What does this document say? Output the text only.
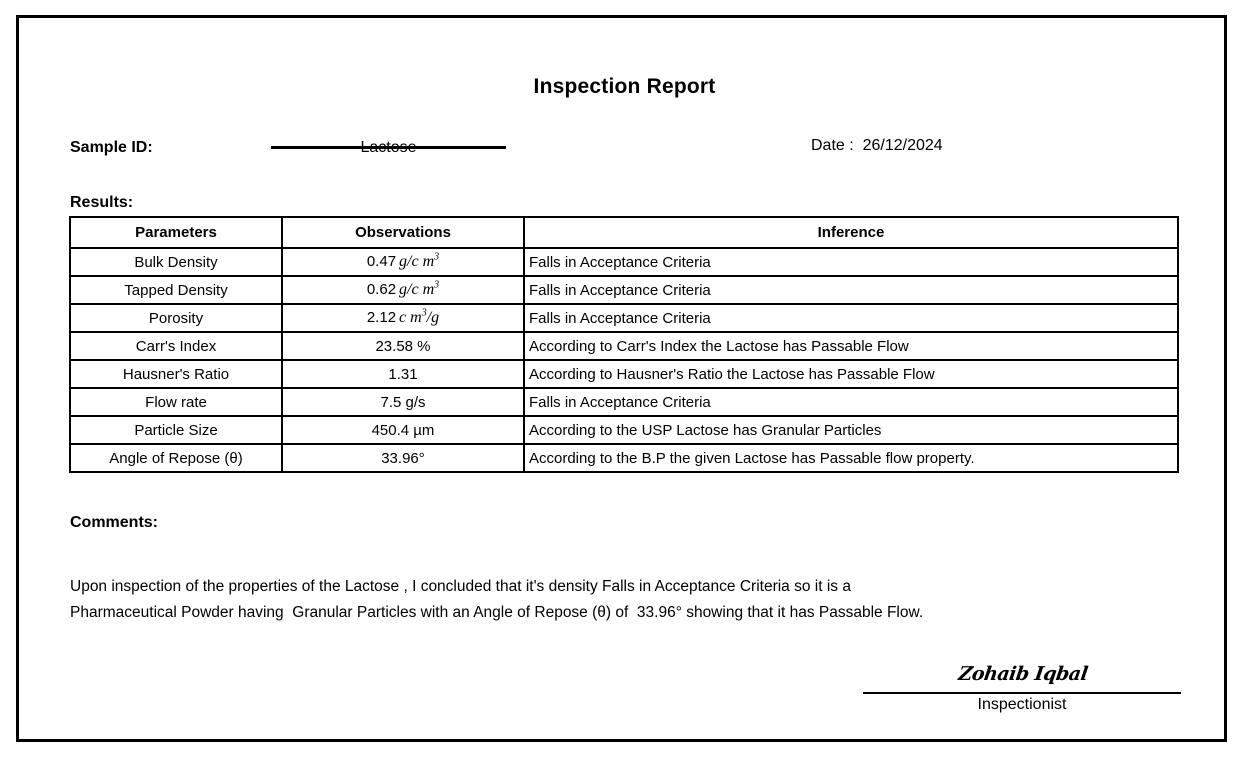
Inspection Report
Sample ID:	Lactose	Date :  26/12/2024
Results:
Parameters	Observations	Inference
Bulk Density	0.47 g/c $m^3$	Falls in Acceptance Criteria
Tapped Density	0.62 g/c $m^3$	Falls in Acceptance Criteria
Porosity	2.12 c $m^3/g$	Falls in Acceptance Criteria
Carr's Index	23.58 %	According to Carr's Index the Lactose has Passable Flow
Hausner's Ratio	1.31	According to Hausner's Ratio the Lactose has Passable Flow
Flow rate	7.5 g/s	Falls in Acceptance Criteria
Particle Size	450.4 µm	According to the USP Lactose has Granular Particles
Angle of Repose (θ)	33.96°	According to the B.P the given Lactose has Passable flow property.
Comments:
Upon inspection of the properties of the Lactose , I concluded that it's density Falls in Acceptance Criteria so it is a
Pharmaceutical Powder having  Granular Particles with an Angle of Repose (θ) of  33.96° showing that it has Passable Flow.
Zohaib Iqbal
Inspectionist
